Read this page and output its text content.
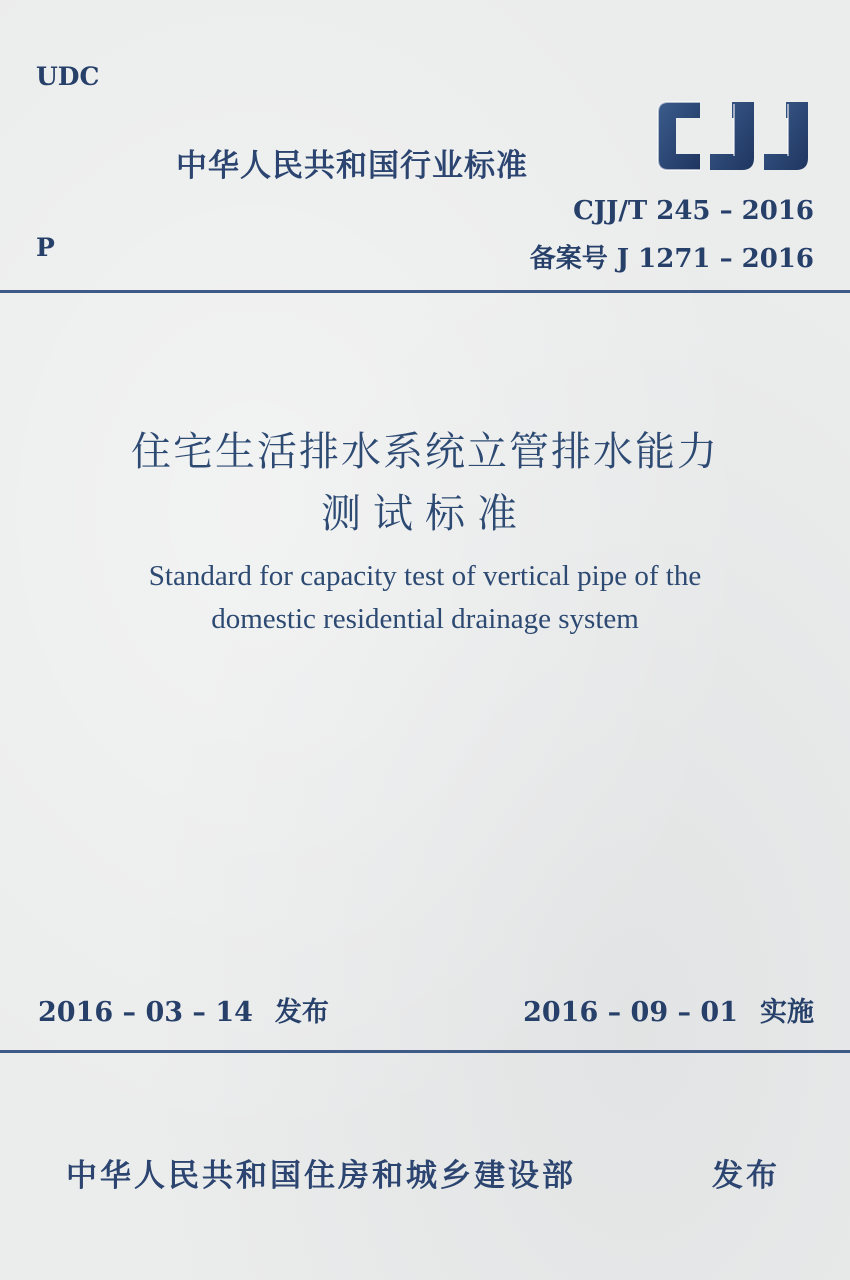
UDC
中华人民共和国行业标准
CJJ/T 245 – 2016
P	备案号 J 1271 – 2016
住宅生活排水系统立管排水能力
测试标准
Standard for capacity test of vertical pipe of the
domestic residential drainage system
2016 – 03 – 14 发布	2016 – 09 – 01 实施
中华人民共和国住房和城乡建设部	发布
